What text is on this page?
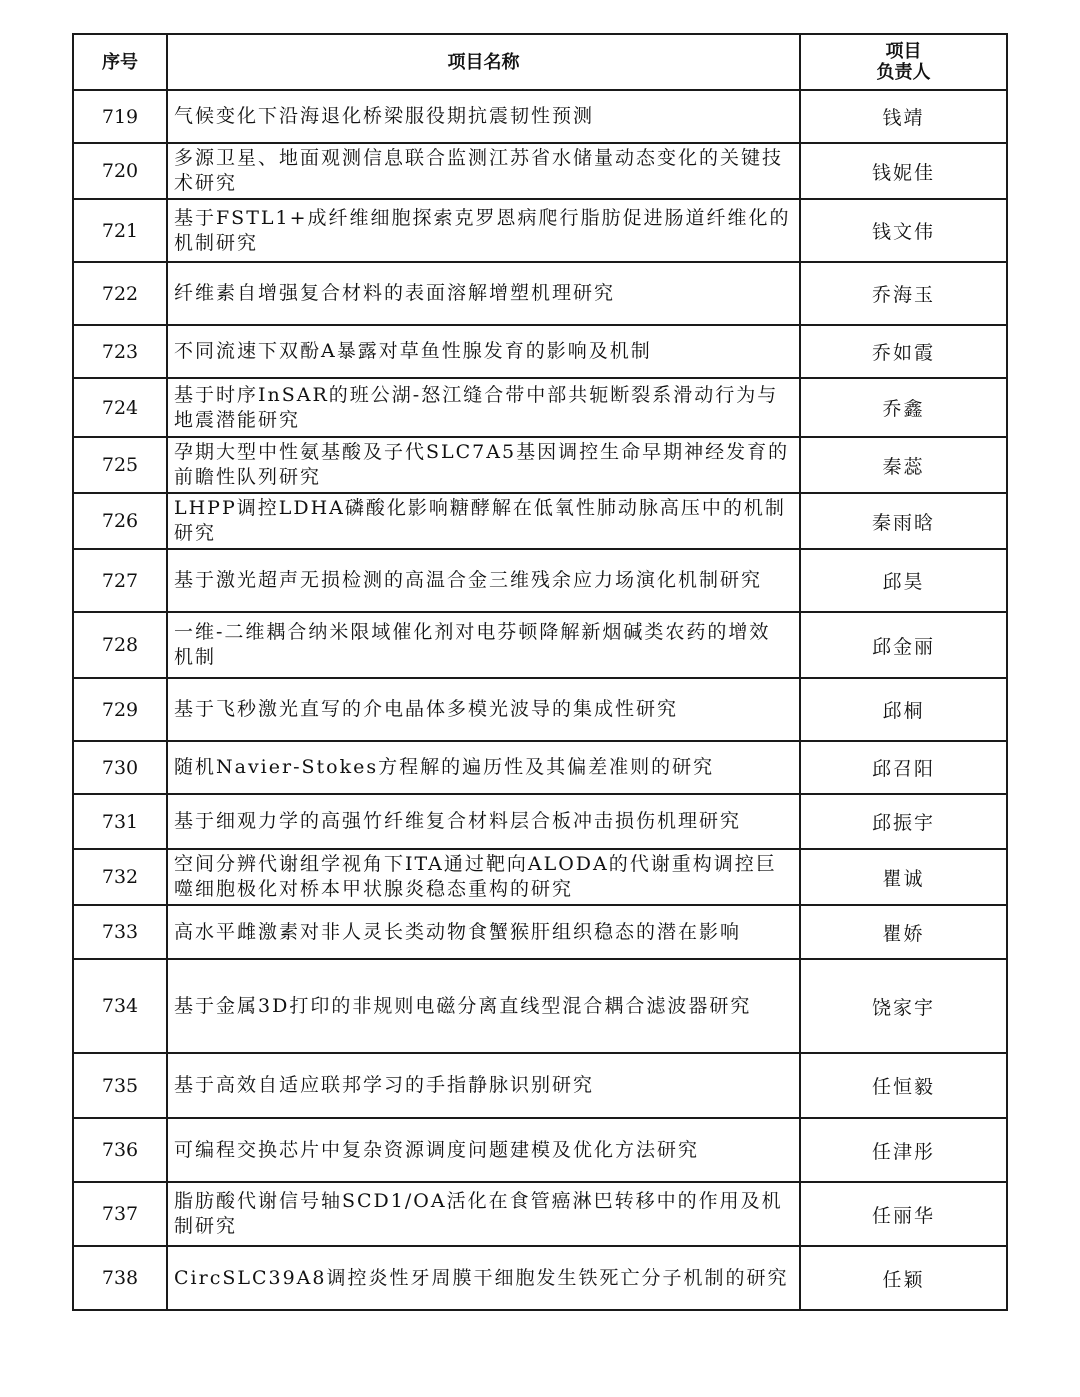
序号	项目名称	项目
负责人

719	气候变化下沿海退化桥梁服役期抗震韧性预测	钱靖
720	多源卫星、地面观测信息联合监测江苏省水储量动态变化的关键技术研究	钱妮佳
721	基于FSTL1+成纤维细胞探索克罗恩病爬行脂肪促进肠道纤维化的机制研究	钱文伟
722	纤维素自增强复合材料的表面溶解增塑机理研究	乔海玉
723	不同流速下双酚A暴露对草鱼性腺发育的影响及机制	乔如霞
724	基于时序InSAR的班公湖-怒江缝合带中部共轭断裂系滑动行为与地震潜能研究	乔鑫
725	孕期大型中性氨基酸及子代SLC7A5基因调控生命早期神经发育的前瞻性队列研究	秦蕊
726	LHPP调控LDHA磷酸化影响糖酵解在低氧性肺动脉高压中的机制研究	秦雨晗
727	基于激光超声无损检测的高温合金三维残余应力场演化机制研究	邱昊
728	一维-二维耦合纳米限域催化剂对电芬顿降解新烟碱类农药的增效机制	邱金丽
729	基于飞秒激光直写的介电晶体多模光波导的集成性研究	邱桐
730	随机Navier-Stokes方程解的遍历性及其偏差准则的研究	邱召阳
731	基于细观力学的高强竹纤维复合材料层合板冲击损伤机理研究	邱振宇
732	空间分辨代谢组学视角下ITA通过靶向ALODA的代谢重构调控巨噬细胞极化对桥本甲状腺炎稳态重构的研究	瞿诚
733	高水平雌激素对非人灵长类动物食蟹猴肝组织稳态的潜在影响	瞿娇
734	基于金属3D打印的非规则电磁分离直线型混合耦合滤波器研究	饶家宇
735	基于高效自适应联邦学习的手指静脉识别研究	任恒毅
736	可编程交换芯片中复杂资源调度问题建模及优化方法研究	任津彤
737	脂肪酸代谢信号轴SCD1/OA活化在食管癌淋巴转移中的作用及机制研究	任丽华
738	CircSLC39A8调控炎性牙周膜干细胞发生铁死亡分子机制的研究	任颖
